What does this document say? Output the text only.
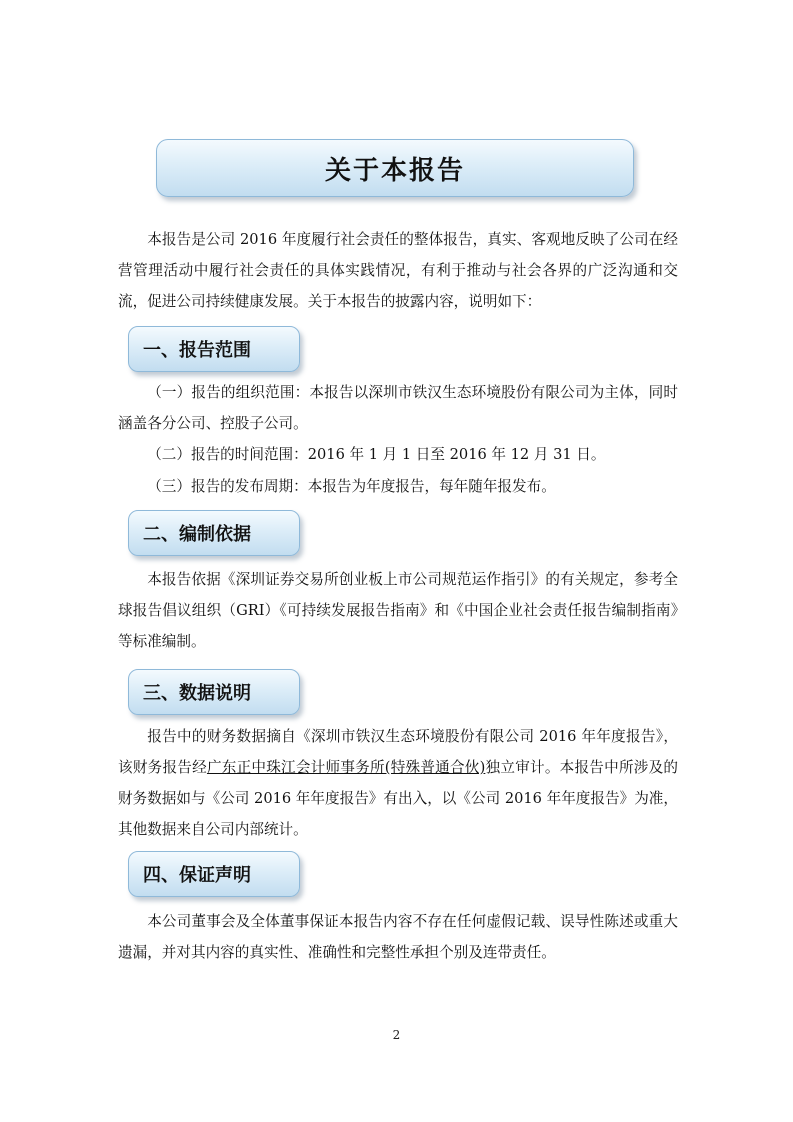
关于本报告

本报告是公司 2016 年度履行社会责任的整体报告，真实、客观地反映了公司在经营管理活动中履行社会责任的具体实践情况，有利于推动与社会各界的广泛沟通和交流，促进公司持续健康发展。关于本报告的披露内容，说明如下：

一、报告范围

（一）报告的组织范围：本报告以深圳市铁汉生态环境股份有限公司为主体，同时涵盖各分公司、控股子公司。

（二）报告的时间范围：2016 年 1 月 1 日至 2016 年 12 月 31 日。

（三）报告的发布周期：本报告为年度报告，每年随年报发布。

二、编制依据

本报告依据《深圳证券交易所创业板上市公司规范运作指引》的有关规定，参考全球报告倡议组织（GRI）《可持续发展报告指南》和《中国企业社会责任报告编制指南》等标准编制。

三、数据说明

报告中的财务数据摘自《深圳市铁汉生态环境股份有限公司 2016 年年度报告》，该财务报告经广东正中珠江会计师事务所(特殊普通合伙)独立审计。本报告中所涉及的财务数据如与《公司 2016 年年度报告》有出入，以《公司 2016 年年度报告》为准，其他数据来自公司内部统计。

四、保证声明

本公司董事会及全体董事保证本报告内容不存在任何虚假记载、误导性陈述或重大遗漏，并对其内容的真实性、准确性和完整性承担个别及连带责任。

2
